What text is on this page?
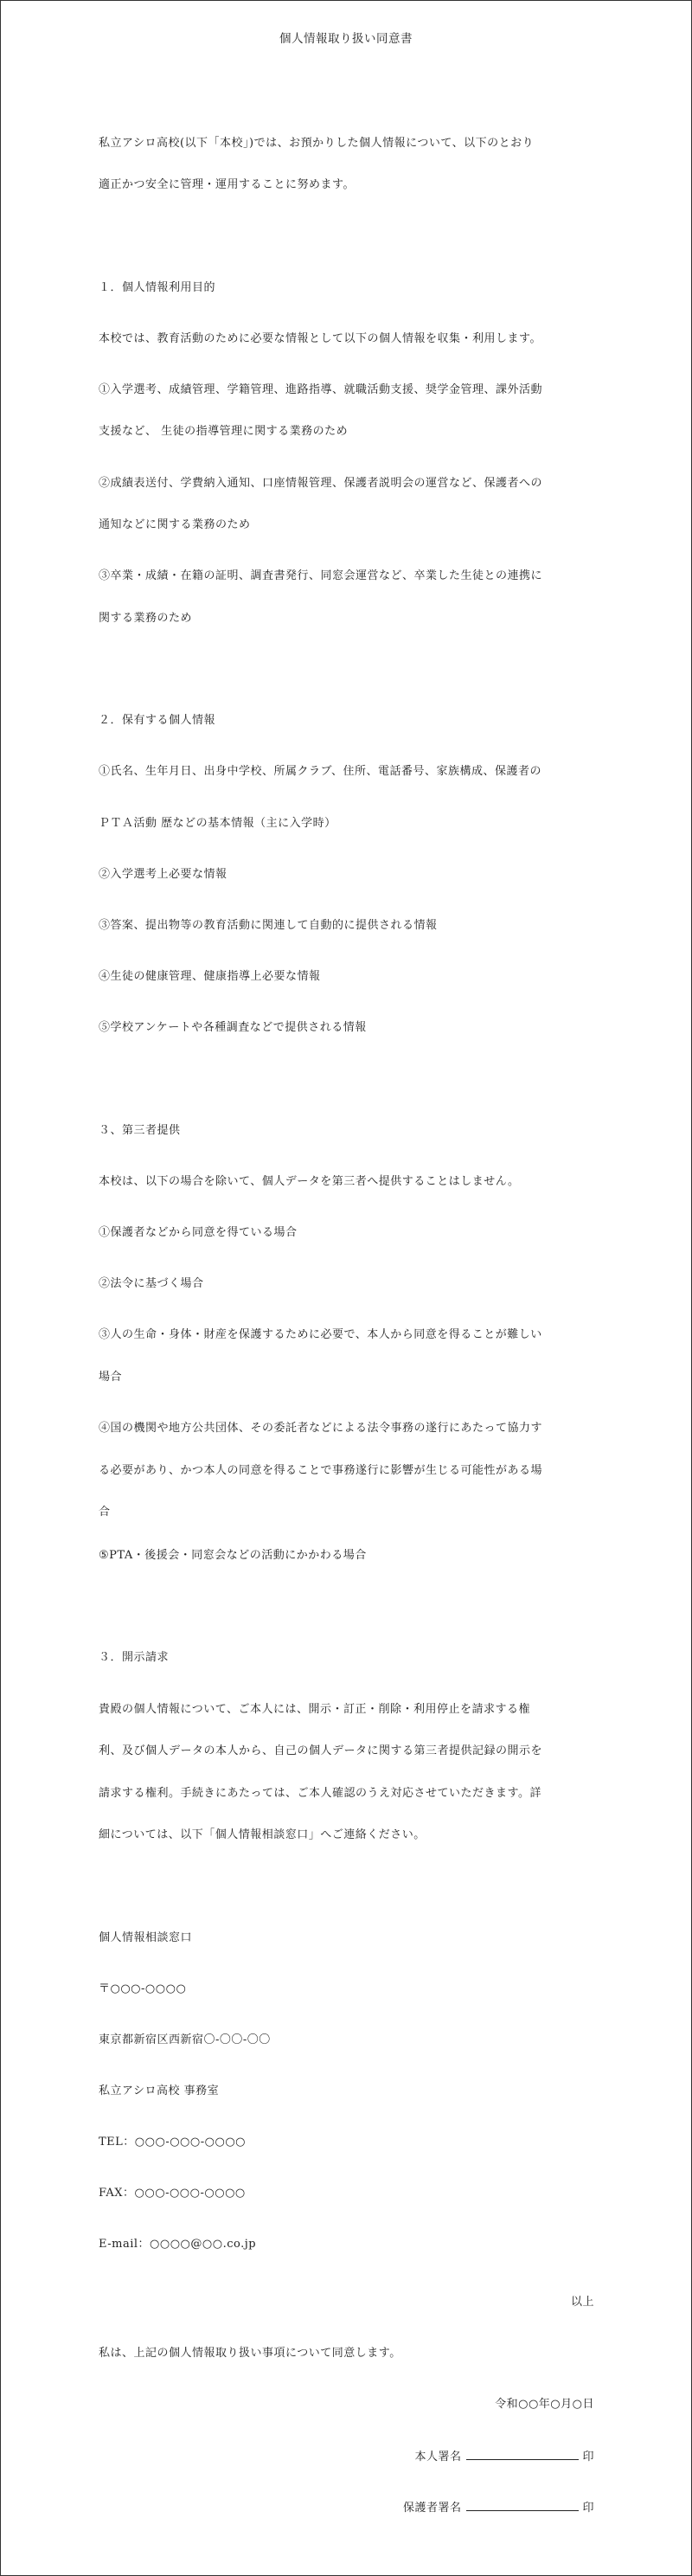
個人情報取り扱い同意書
私立アシロ高校(以下「本校」)では、お預かりした個人情報について、以下のとおり
適正かつ安全に管理・運用することに努めます。
１．個人情報利用目的
本校では、教育活動のために必要な情報として以下の個人情報を収集・利用します。
①入学選考、成績管理、学籍管理、進路指導、就職活動支援、奨学金管理、課外活動
支援など、 生徒の指導管理に関する業務のため
②成績表送付、学費納入通知、口座情報管理、保護者説明会の運営など、保護者への
通知などに関する業務のため
③卒業・成績・在籍の証明、調査書発行、同窓会運営など、卒業した生徒との連携に
関する業務のため
２．保有する個人情報
①氏名、生年月日、出身中学校、所属クラブ、住所、電話番号、家族構成、保護者の
ＰＴＡ活動 歴などの基本情報（主に入学時）
②入学選考上必要な情報
③答案、提出物等の教育活動に関連して自動的に提供される情報
④生徒の健康管理、健康指導上必要な情報
⑤学校アンケートや各種調査などで提供される情報
３、第三者提供
本校は、以下の場合を除いて、個人データを第三者へ提供することはしません。
①保護者などから同意を得ている場合
②法令に基づく場合
③人の生命・身体・財産を保護するために必要で、本人から同意を得ることが難しい
場合
④国の機関や地方公共団体、その委託者などによる法令事務の遂行にあたって協力す
る必要があり、かつ本人の同意を得ることで事務遂行に影響が生じる可能性がある場
合
⑤PTA・後援会・同窓会などの活動にかかわる場合
３．開示請求
貴殿の個人情報について、ご本人には、開示・訂正・削除・利用停止を請求する権
利、及び個人データの本人から、自己の個人データに関する第三者提供記録の開示を
請求する権利。手続きにあたっては、ご本人確認のうえ対応させていただきます。詳
細については、以下「個人情報相談窓口」へご連絡ください。
個人情報相談窓口
〒○○○-○○○○
東京都新宿区西新宿〇-〇〇-〇〇
私立アシロ高校 事務室
TEL：○○○-○○○-○○○○
FAX：○○○-○○○-○○○○
E-mail：○○○○@○○.co.jp
以上
私は、上記の個人情報取り扱い事項について同意します。
令和○○年○月○日
本人署名	印
保護者署名	印
